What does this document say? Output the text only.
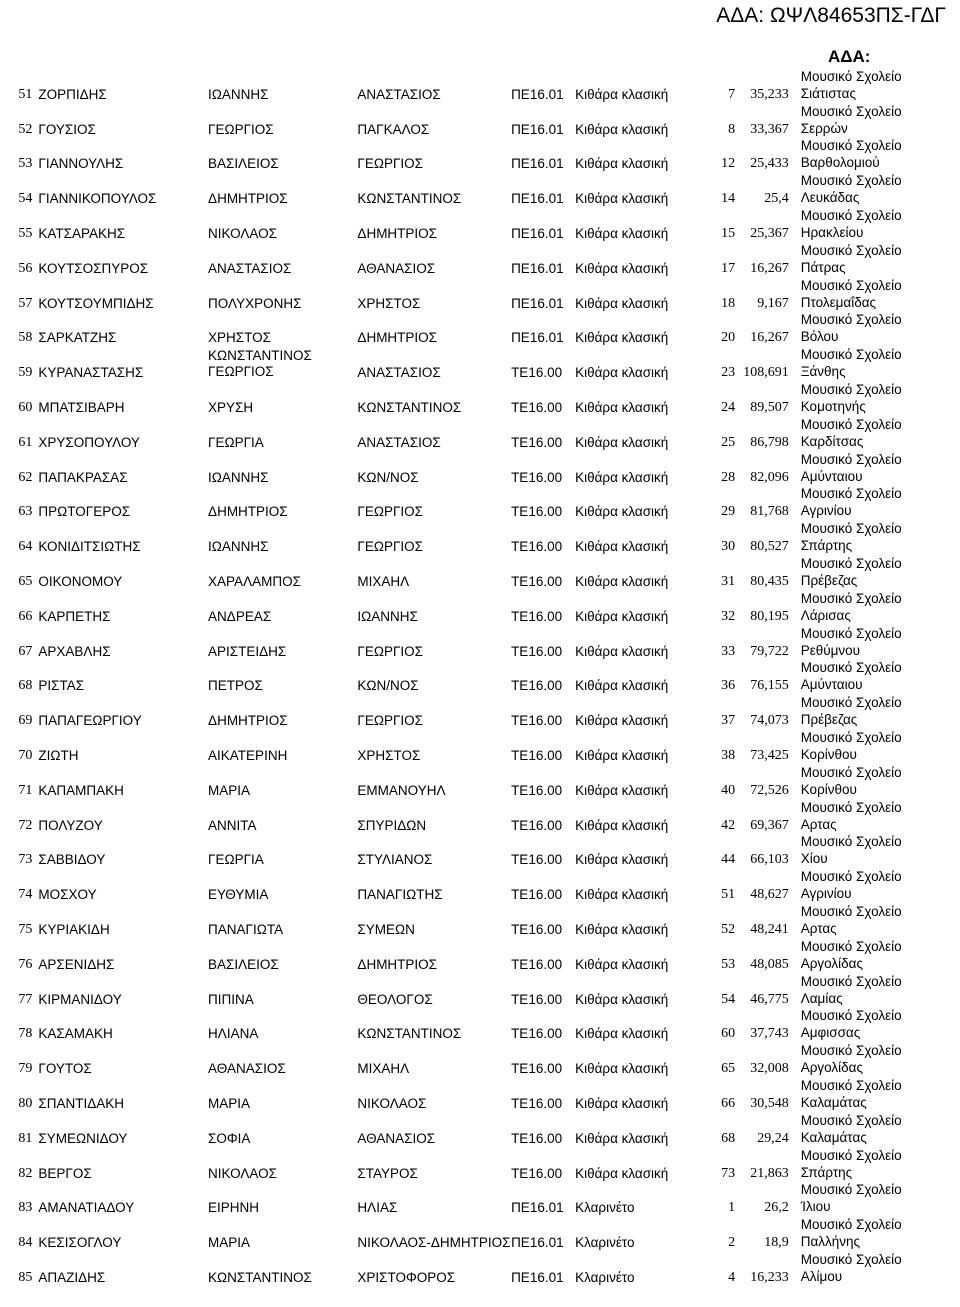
ΑΔΑ: ΩΨΛ84653ΠΣ-ΓΔΓ
ΑΔΑ:
51	ΖΟΡΠΙΔΗΣ	ΙΩΑΝΝΗΣ	ΑΝΑΣΤΑΣΙΟΣ	ΠΕ16.01	Κιθάρα κλασική	7	35,233	Μουσικό Σχολείο
Σιάτιστας

52	ΓΟΥΣΙΟΣ	ΓΕΩΡΓΙΟΣ	ΠΑΓΚΑΛΟΣ	ΠΕ16.01	Κιθάρα κλασική	8	33,367	Μουσικό Σχολείο
Σερρών

53	ΓΙΑΝΝΟΥΛΗΣ	ΒΑΣΙΛΕΙΟΣ	ΓΕΩΡΓΙΟΣ	ΠΕ16.01	Κιθάρα κλασική	12	25,433	Μουσικό Σχολείο
Βαρθολομιού

54	ΓΙΑΝΝΙΚΟΠΟΥΛΟΣ	ΔΗΜΗΤΡΙΟΣ	ΚΩΝΣΤΑΝΤΙΝΟΣ	ΠΕ16.01	Κιθάρα κλασική	14	25,4	Μουσικό Σχολείο
Λευκάδας

55	ΚΑΤΣΑΡΑΚΗΣ	ΝΙΚΟΛΑΟΣ	ΔΗΜΗΤΡΙΟΣ	ΠΕ16.01	Κιθάρα κλασική	15	25,367	Μουσικό Σχολείο
Ηρακλείου

56	ΚΟΥΤΣΟΣΠΥΡΟΣ	ΑΝΑΣΤΑΣΙΟΣ	ΑΘΑΝΑΣΙΟΣ	ΠΕ16.01	Κιθάρα κλασική	17	16,267	Μουσικό Σχολείο
Πάτρας

57	ΚΟΥΤΣΟΥΜΠΙΔΗΣ	ΠΟΛΥΧΡΟΝΗΣ	ΧΡΗΣΤΟΣ	ΠΕ16.01	Κιθάρα κλασική	18	9,167	Μουσικό Σχολείο
Πτολεμαΐδας

58	ΣΑΡΚΑΤΖΗΣ	ΧΡΗΣΤΟΣ	ΔΗΜΗΤΡΙΟΣ	ΠΕ16.01	Κιθάρα κλασική	20	16,267	Μουσικό Σχολείο
Βόλου

59	ΚΥΡΑΝΑΣΤΑΣΗΣ	ΚΩΝΣΤΑΝΤΙΝΟΣ ΓΕΩΡΓΙΟΣ	ΑΝΑΣΤΑΣΙΟΣ	ΤΕ16.00	Κιθάρα κλασική	23	108,691	Μουσικό Σχολείο
Ξάνθης

60	ΜΠΑΤΣΙΒΑΡΗ	ΧΡΥΣΗ	ΚΩΝΣΤΑΝΤΙΝΟΣ	ΤΕ16.00	Κιθάρα κλασική	24	89,507	Μουσικό Σχολείο
Κομοτηνής

61	ΧΡΥΣΟΠΟΥΛΟΥ	ΓΕΩΡΓΙΑ	ΑΝΑΣΤΑΣΙΟΣ	ΤΕ16.00	Κιθάρα κλασική	25	86,798	Μουσικό Σχολείο
Καρδίτσας

62	ΠΑΠΑΚΡΑΣΑΣ	ΙΩΑΝΝΗΣ	ΚΩΝ/ΝΟΣ	ΤΕ16.00	Κιθάρα κλασική	28	82,096	Μουσικό Σχολείο
Αμύνταιου

63	ΠΡΩΤΟΓΕΡΟΣ	ΔΗΜΗΤΡΙΟΣ	ΓΕΩΡΓΙΟΣ	ΤΕ16.00	Κιθάρα κλασική	29	81,768	Μουσικό Σχολείο
Αγρινίου

64	ΚΟΝΙΔΙΤΣΙΩΤΗΣ	ΙΩΑΝΝΗΣ	ΓΕΩΡΓΙΟΣ	ΤΕ16.00	Κιθάρα κλασική	30	80,527	Μουσικό Σχολείο
Σπάρτης

65	ΟΙΚΟΝΟΜΟΥ	ΧΑΡΑΛΑΜΠΟΣ	ΜΙΧΑΗΛ	ΤΕ16.00	Κιθάρα κλασική	31	80,435	Μουσικό Σχολείο
Πρέβεζας

66	ΚΑΡΠΕΤΗΣ	ΑΝΔΡΕΑΣ	ΙΩΑΝΝΗΣ	ΤΕ16.00	Κιθάρα κλασική	32	80,195	Μουσικό Σχολείο
Λάρισας

67	ΑΡΧΑΒΛΗΣ	ΑΡΙΣΤΕΙΔΗΣ	ΓΕΩΡΓΙΟΣ	ΤΕ16.00	Κιθάρα κλασική	33	79,722	Μουσικό Σχολείο
Ρεθύμνου

68	ΡΙΣΤΑΣ	ΠΕΤΡΟΣ	ΚΩΝ/ΝΟΣ	ΤΕ16.00	Κιθάρα κλασική	36	76,155	Μουσικό Σχολείο
Αμύνταιου

69	ΠΑΠΑΓΕΩΡΓΙΟΥ	ΔΗΜΗΤΡΙΟΣ	ΓΕΩΡΓΙΟΣ	ΤΕ16.00	Κιθάρα κλασική	37	74,073	Μουσικό Σχολείο
Πρέβεζας

70	ΖΙΩΤΗ	ΑΙΚΑΤΕΡΙΝΗ	ΧΡΗΣΤΟΣ	ΤΕ16.00	Κιθάρα κλασική	38	73,425	Μουσικό Σχολείο
Κορίνθου

71	ΚΑΠΑΜΠΑΚΗ	ΜΑΡΙΑ	ΕΜΜΑΝΟΥΗΛ	ΤΕ16.00	Κιθάρα κλασική	40	72,526	Μουσικό Σχολείο
Κορίνθου

72	ΠΟΛΥΖΟΥ	ΑΝΝΙΤΑ	ΣΠΥΡΙΔΩΝ	ΤΕ16.00	Κιθάρα κλασική	42	69,367	Μουσικό Σχολείο
Αρτας

73	ΣΑΒΒΙΔΟΥ	ΓΕΩΡΓΙΑ	ΣΤΥΛΙΑΝΟΣ	ΤΕ16.00	Κιθάρα κλασική	44	66,103	Μουσικό Σχολείο
Χίου

74	ΜΟΣΧΟΥ	ΕΥΘΥΜΙΑ	ΠΑΝΑΓΙΩΤΗΣ	ΤΕ16.00	Κιθάρα κλασική	51	48,627	Μουσικό Σχολείο
Αγρινίου

75	ΚΥΡΙΑΚΙΔΗ	ΠΑΝΑΓΙΩΤΑ	ΣΥΜΕΩΝ	ΤΕ16.00	Κιθάρα κλασική	52	48,241	Μουσικό Σχολείο
Αρτας

76	ΑΡΣΕΝΙΔΗΣ	ΒΑΣΙΛΕΙΟΣ	ΔΗΜΗΤΡΙΟΣ	ΤΕ16.00	Κιθάρα κλασική	53	48,085	Μουσικό Σχολείο
Αργολίδας

77	ΚΙΡΜΑΝΙΔΟΥ	ΠΙΠΙΝΑ	ΘΕΟΛΟΓΟΣ	ΤΕ16.00	Κιθάρα κλασική	54	46,775	Μουσικό Σχολείο
Λαμίας

78	ΚΑΣΑΜΑΚΗ	ΗΛΙΑΝΑ	ΚΩΝΣΤΑΝΤΙΝΟΣ	ΤΕ16.00	Κιθάρα κλασική	60	37,743	Μουσικό Σχολείο
Αμφισσας

79	ΓΟΥΤΟΣ	ΑΘΑΝΑΣΙΟΣ	ΜΙΧΑΗΛ	ΤΕ16.00	Κιθάρα κλασική	65	32,008	Μουσικό Σχολείο
Αργολίδας

80	ΣΠΑΝΤΙΔΑΚΗ	ΜΑΡΙΑ	ΝΙΚΟΛΑΟΣ	ΤΕ16.00	Κιθάρα κλασική	66	30,548	Μουσικό Σχολείο
Καλαμάτας

81	ΣΥΜΕΩΝΙΔΟΥ	ΣΟΦΙΑ	ΑΘΑΝΑΣΙΟΣ	ΤΕ16.00	Κιθάρα κλασική	68	29,24	Μουσικό Σχολείο
Καλαμάτας

82	ΒΕΡΓΟΣ	ΝΙΚΟΛΑΟΣ	ΣΤΑΥΡΟΣ	ΤΕ16.00	Κιθάρα κλασική	73	21,863	Μουσικό Σχολείο
Σπάρτης

83	ΑΜΑΝΑΤΙΑΔΟΥ	ΕΙΡΗΝΗ	ΗΛΙΑΣ	ΠΕ16.01	Κλαρινέτο	1	26,2	Μουσικό Σχολείο
Ίλιου

84	ΚΕΣΙΣΟΓΛΟΥ	ΜΑΡΙΑ	ΝΙΚΟΛΑΟΣ-ΔΗΜΗΤΡΙΟΣ	ΠΕ16.01	Κλαρινέτο	2	18,9	Μουσικό Σχολείο
Παλλήνης

85	ΑΠΑΖΙΔΗΣ	ΚΩΝΣΤΑΝΤΙΝΟΣ	ΧΡΙΣΤΟΦΟΡΟΣ	ΠΕ16.01	Κλαρινέτο	4	16,233	Μουσικό Σχολείο
Αλίμου
